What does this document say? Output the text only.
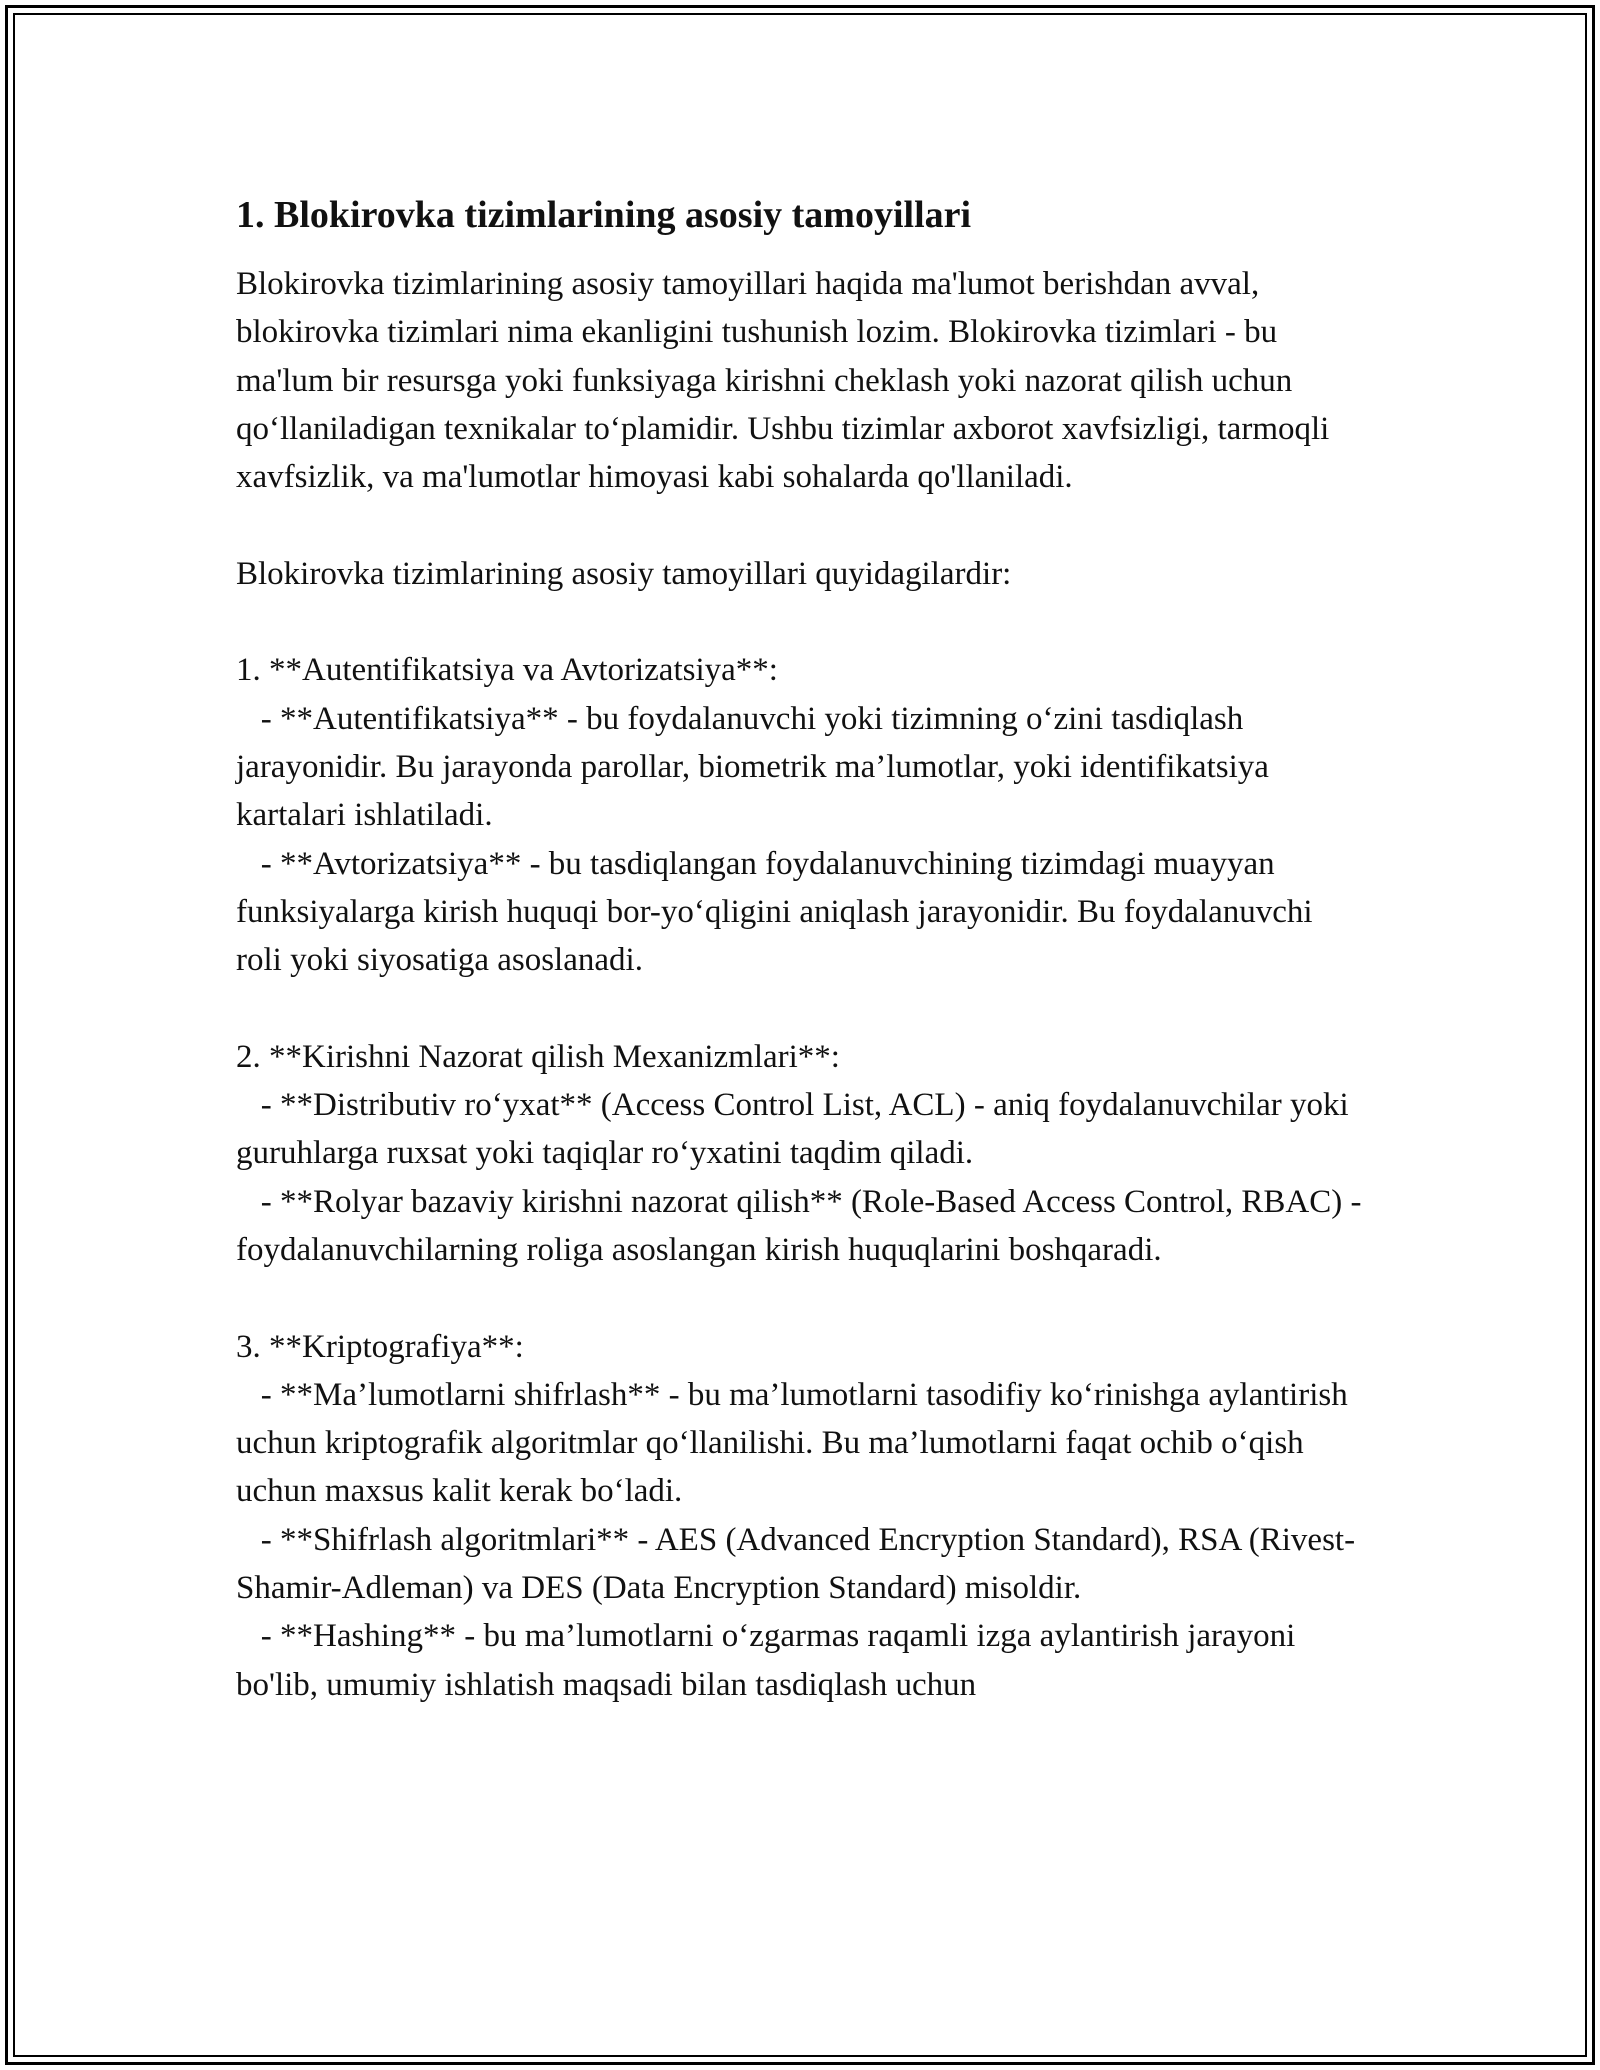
1. Blokirovka tizimlarining asosiy tamoyillari

Blokirovka tizimlarining asosiy tamoyillari haqida ma'lumot berishdan avval, blokirovka tizimlari nima ekanligini tushunish lozim. Blokirovka tizimlari - bu ma'lum bir resursga yoki funksiyaga kirishni cheklash yoki nazorat qilish uchun qo‘llaniladigan texnikalar to‘plamidir. Ushbu tizimlar axborot xavfsizligi, tarmoqli xavfsizlik, va ma'lumotlar himoyasi kabi sohalarda qo'llaniladi.

Blokirovka tizimlarining asosiy tamoyillari quyidagilardir:

1. **Autentifikatsiya va Avtorizatsiya**:
- **Autentifikatsiya** - bu foydalanuvchi yoki tizimning o‘zini tasdiqlash jarayonidir. Bu jarayonda parollar, biometrik ma’lumotlar, yoki identifikatsiya kartalari ishlatiladi.
- **Avtorizatsiya** - bu tasdiqlangan foydalanuvchining tizimdagi muayyan funksiyalarga kirish huquqi bor-yo‘qligini aniqlash jarayonidir. Bu foydalanuvchi roli yoki siyosatiga asoslanadi.

2. **Kirishni Nazorat qilish Mexanizmlari**:
- **Distributiv ro‘yxat** (Access Control List, ACL) - aniq foydalanuvchilar yoki guruhlarga ruxsat yoki taqiqlar ro‘yxatini taqdim qiladi.
- **Rolyar bazaviy kirishni nazorat qilish** (Role-Based Access Control, RBAC) - foydalanuvchilarning roliga asoslangan kirish huquqlarini boshqaradi.

3. **Kriptografiya**:
- **Ma’lumotlarni shifrlash** - bu ma’lumotlarni tasodifiy ko‘rinishga aylantirish uchun kriptografik algoritmlar qo‘llanilishi. Bu ma’lumotlarni faqat ochib o‘qish uchun maxsus kalit kerak bo‘ladi.
- **Shifrlash algoritmlari** - AES (Advanced Encryption Standard), RSA (Rivest-Shamir-Adleman) va DES (Data Encryption Standard) misoldir.
- **Hashing** - bu ma’lumotlarni o‘zgarmas raqamli izga aylantirish jarayoni bo'lib, umumiy ishlatish maqsadi bilan tasdiqlash uchun
